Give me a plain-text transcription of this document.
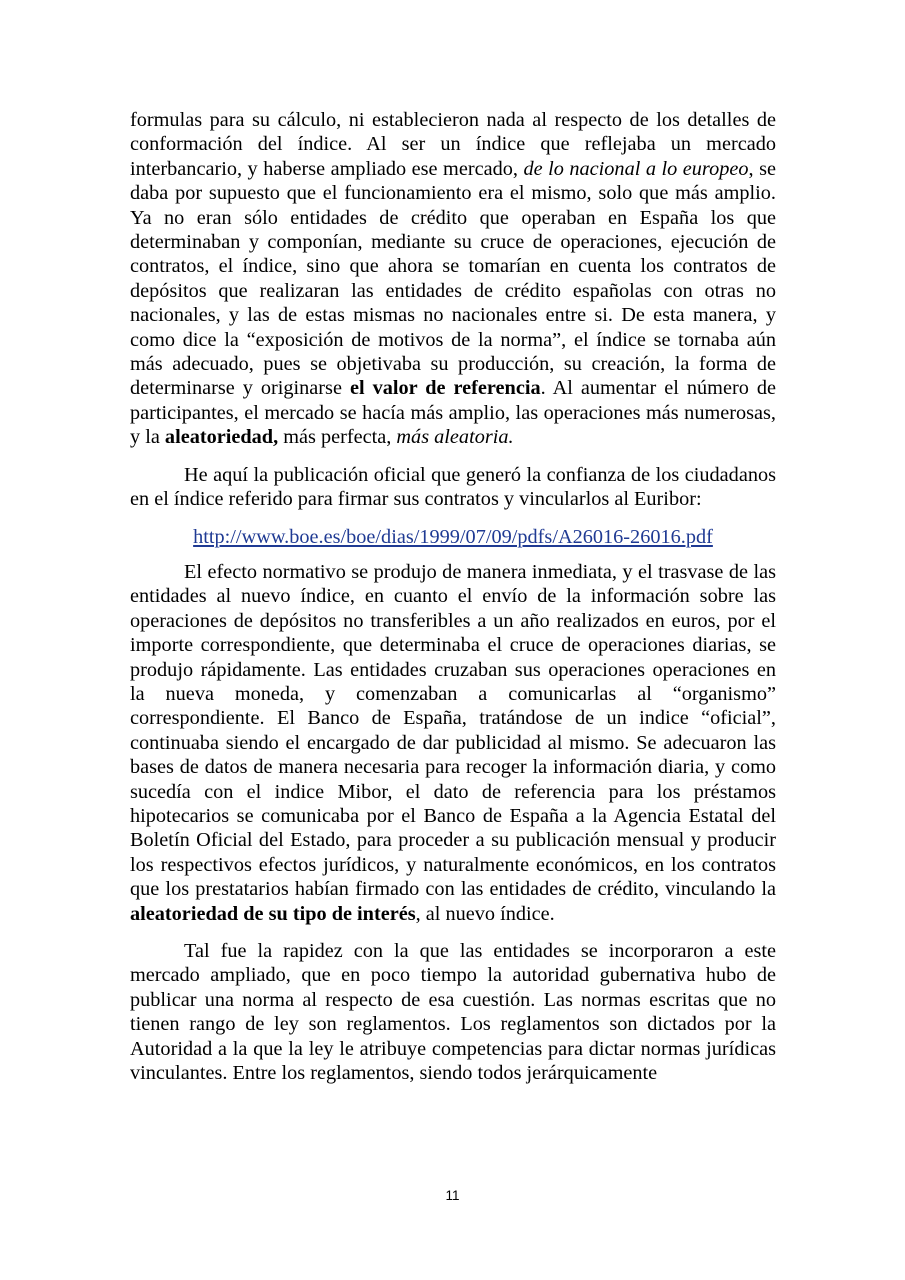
formulas para su cálculo, ni establecieron nada al respecto de los detalles de conformación del índice. Al ser un índice que reflejaba un mercado interbancario, y haberse ampliado ese mercado, de lo nacional a lo europeo, se daba por supuesto que el funcionamiento era el mismo, solo que más amplio. Ya no eran sólo entidades de crédito que operaban en España los que determinaban y componían, mediante su cruce de operaciones, ejecución de contratos, el índice, sino que ahora se tomarían en cuenta los contratos de depósitos que realizaran las entidades de crédito españolas con otras no nacionales, y las de estas mismas no nacionales entre si. De esta manera, y como dice la “exposición de motivos de la norma”, el índice se tornaba aún más adecuado, pues se objetivaba su producción, su creación, la forma de determinarse y originarse el valor de referencia. Al aumentar el número de participantes, el mercado se hacía más amplio, las operaciones más numerosas, y la aleatoriedad, más perfecta, más aleatoria.

He aquí la publicación oficial que generó la confianza de los ciudadanos en el índice referido para firmar sus contratos y vincularlos al Euribor:

http://www.boe.es/boe/dias/1999/07/09/pdfs/A26016-26016.pdf

El efecto normativo se produjo de manera inmediata, y el trasvase de las entidades al nuevo índice, en cuanto el envío de la información sobre las operaciones de depósitos no transferibles a un año realizados en euros, por el importe correspondiente, que determinaba el cruce de operaciones diarias, se produjo rápidamente. Las entidades cruzaban sus operaciones operaciones en la nueva moneda, y comenzaban a comunicarlas al “organismo” correspondiente. El Banco de España, tratándose de un indice “oficial”, continuaba siendo el encargado de dar publicidad al mismo. Se adecuaron las bases de datos de manera necesaria para recoger la información diaria, y como sucedía con el indice Mibor, el dato de referencia para los préstamos hipotecarios se comunicaba por el Banco de España a la Agencia Estatal del Boletín Oficial del Estado, para proceder a su publicación mensual y producir los respectivos efectos jurídicos, y naturalmente económicos, en los contratos que los prestatarios habían firmado con las entidades de crédito, vinculando la aleatoriedad de su tipo de interés, al nuevo índice.

Tal fue la rapidez con la que las entidades se incorporaron a este mercado ampliado, que en poco tiempo la autoridad gubernativa hubo de publicar una norma al respecto de esa cuestión. Las normas escritas que no tienen rango de ley son reglamentos. Los reglamentos son dictados por la Autoridad a la que la ley le atribuye competencias para dictar normas jurídicas vinculantes. Entre los reglamentos, siendo todos jerárquicamente

11
